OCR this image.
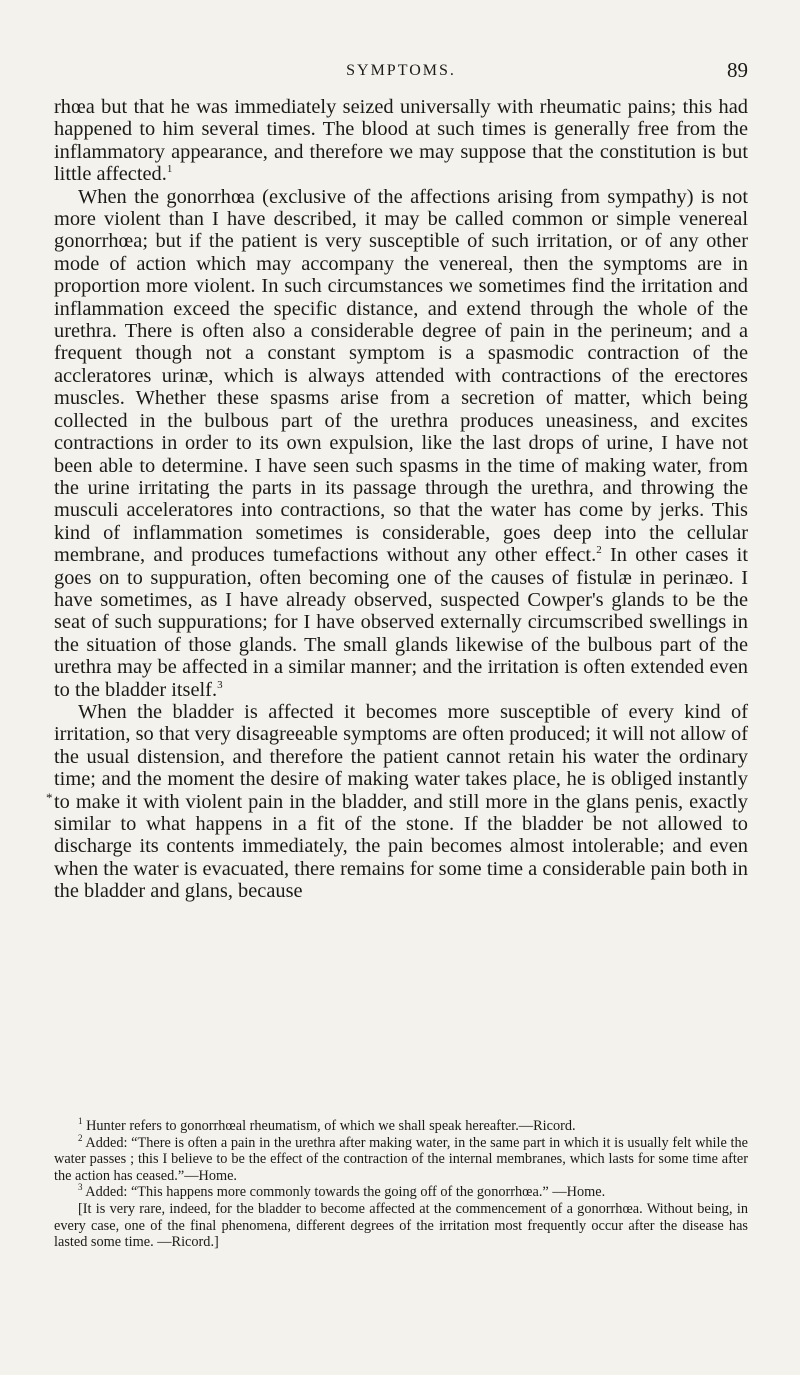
SYMPTOMS.	89
*

rhœa but that he was immediately seized universally with rheumatic pains; this had happened to him several times. The blood at such times is generally free from the inflammatory appearance, and therefore we may suppose that the constitution is but little affected.$^1$

When the gonorrhœa (exclusive of the affections arising from sympathy) is not more violent than I have described, it may be called common or simple venereal gonorrhœa; but if the patient is very susceptible of such irritation, or of any other mode of action which may accompany the venereal, then the symptoms are in proportion more violent. In such circumstances we sometimes find the irritation and inflammation exceed the specific distance, and extend through the whole of the urethra. There is often also a considerable degree of pain in the perineum; and a frequent though not a constant symptom is a spasmodic contraction of the accleratores urinæ, which is always attended with contractions of the erectores muscles. Whether these spasms arise from a secretion of matter, which being collected in the bulbous part of the urethra produces uneasiness, and excites contractions in order to its own expulsion, like the last drops of urine, I have not been able to determine. I have seen such spasms in the time of making water, from the urine irritating the parts in its passage through the urethra, and throwing the musculi acceleratores into contractions, so that the water has come by jerks. This kind of inflammation sometimes is considerable, goes deep into the cellular membrane, and produces tumefactions without any other effect.$^2$ In other cases it goes on to suppuration, often becoming one of the causes of fistulæ in perinæo. I have sometimes, as I have already observed, suspected Cowper's glands to be the seat of such suppurations; for I have observed externally circumscribed swellings in the situation of those glands. The small glands likewise of the bulbous part of the urethra may be affected in a similar manner; and the irritation is often extended even to the bladder itself.$^3$

When the bladder is affected it becomes more susceptible of every kind of irritation, so that very disagreeable symptoms are often produced; it will not allow of the usual distension, and therefore the patient cannot retain his water the ordinary time; and the moment the desire of making water takes place, he is obliged instantly to make it with violent pain in the bladder, and still more in the glans penis, exactly similar to what happens in a fit of the stone. If the bladder be not allowed to discharge its contents immediately, the pain becomes almost intolerable; and even when the water is evacuated, there remains for some time a considerable pain both in the bladder and glans, because

$^1$ Hunter refers to gonorrhœal rheumatism, of which we shall speak hereafter.—Ricord.

$^2$ Added: “There is often a pain in the urethra after making water, in the same part in which it is usually felt while the water passes ; this I believe to be the effect of the contraction of the internal membranes, which lasts for some time after the action has ceased.”—Home.

$^3$ Added: “This happens more commonly towards the going off of the gonorrhœa.” —Home.

[It is very rare, indeed, for the bladder to become affected at the commencement of a gonorrhœa. Without being, in every case, one of the final phenomena, different degrees of the irritation most frequently occur after the disease has lasted some time. —Ricord.]
